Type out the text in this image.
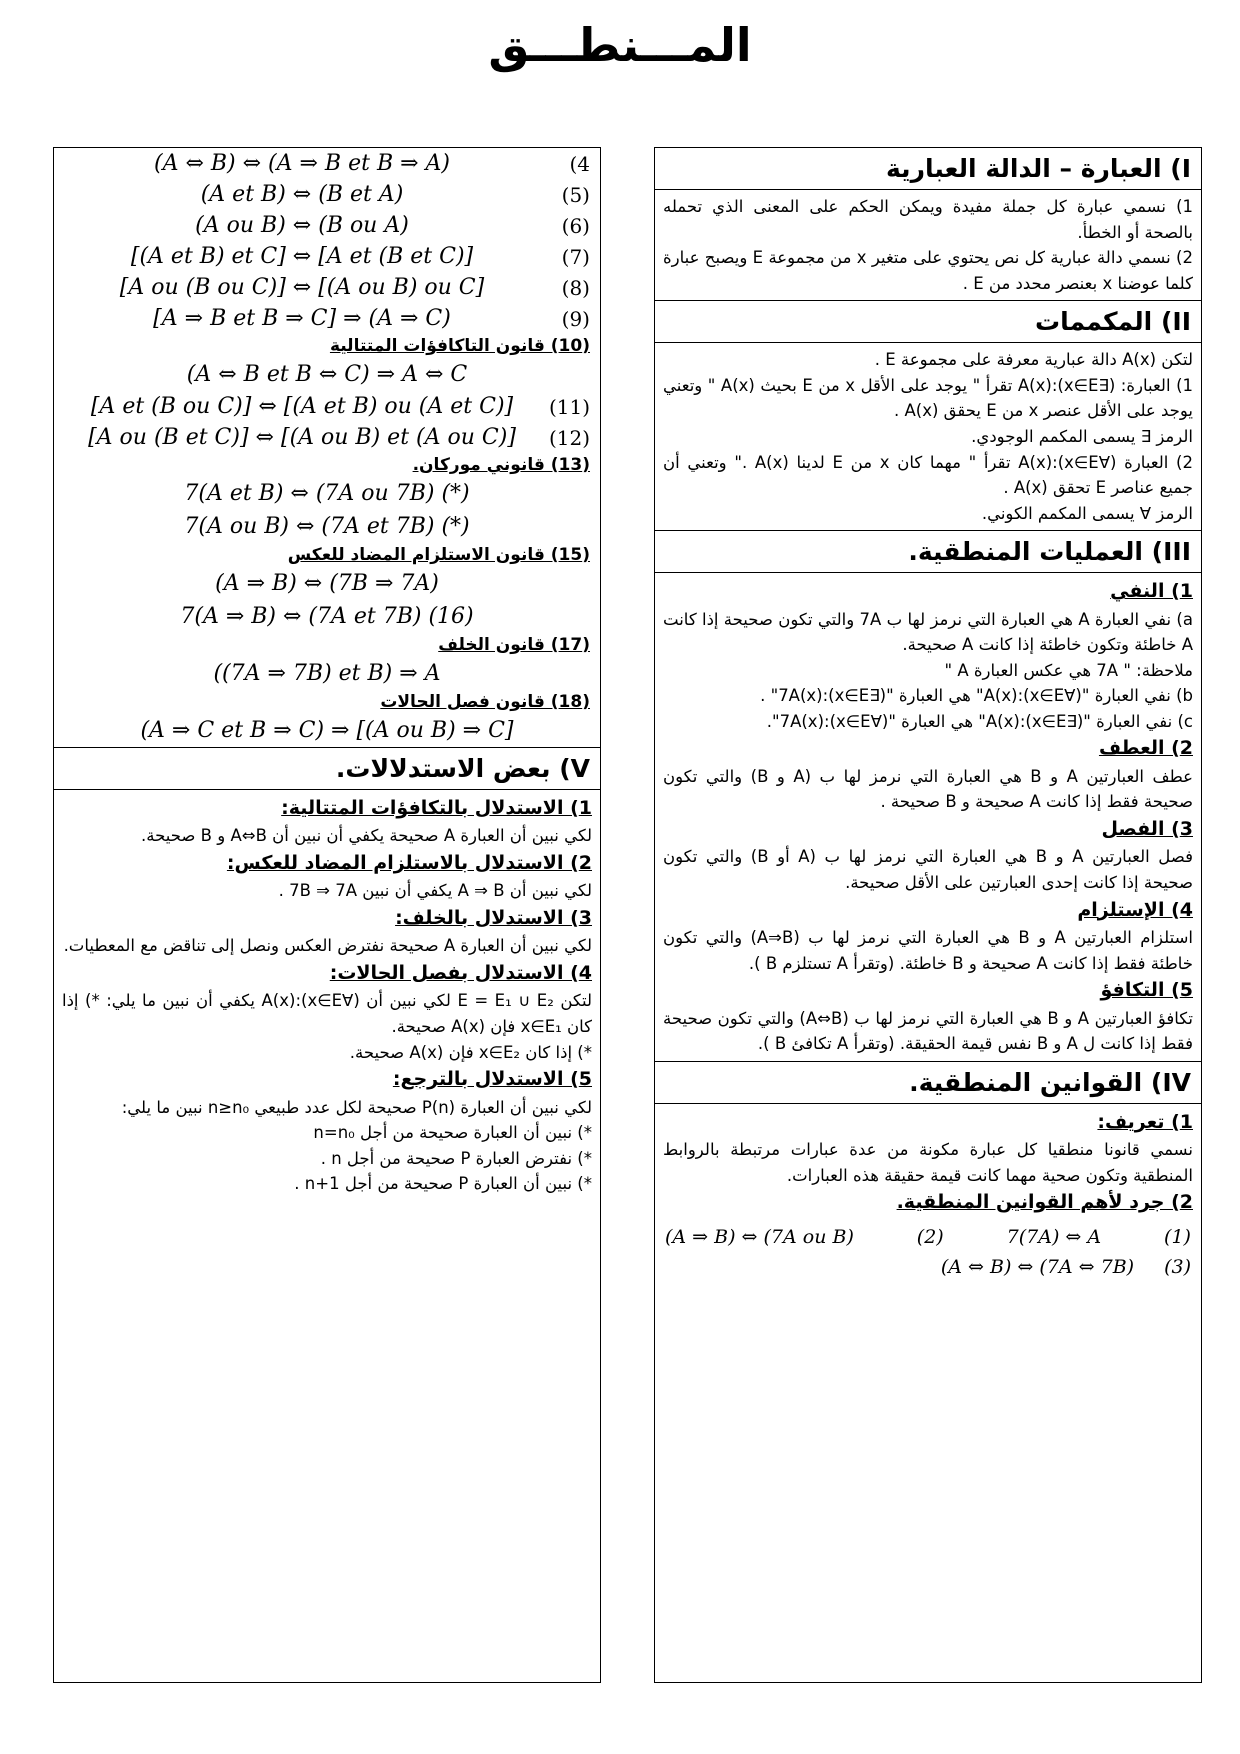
المـــنطـــق
I) العبارة – الدالة العبارية

1) نسمي عبارة كل جملة مفيدة ويمكن الحكم على المعنى الذي تحمله بالصحة أو الخطأ.

2) نسمي دالة عبارية كل نص يحتوي على متغير x من مجموعة E ويصبح عبارة كلما عوضنا x بعنصر محدد من E .

II) المكممات

لتكن A(x) دالة عبارية معرفة على مجموعة E .

1) العبارة: (∃x∈E):A(x) تقرأ " يوجد على الأقل x من E بحيث A(x) " وتعني يوجد على الأقل عنصر x من E يحقق A(x) .

الرمز ∃ يسمى المكمم الوجودي.

2) العبارة (∀x∈E):A(x) تقرأ " مهما كان x من E لدينا A(x) ." وتعني أن جميع عناصر E تحقق A(x) .

الرمز ∀ يسمى المكمم الكوني.

III) العمليات المنطقية.

1) النفي

a) نفي العبارة A هي العبارة التي نرمز لها ب 7A والتي تكون صحيحة إذا كانت A خاطئة وتكون خاطئة إذا كانت A صحيحة.

ملاحظة: " 7A هي عكس العبارة A "

b) نفي العبارة "(∀x∈E):A(x)" هي العبارة "(∃x∈E):7A(x)" .

c) نفي العبارة "(∃x∈E):A(x)" هي العبارة "(∀x∈E):7A(x)".

2) العطف

عطف العبارتين A و B هي العبارة التي نرمز لها ب (A و B) والتي تكون صحيحة فقط إذا كانت A صحيحة و B صحيحة .

3) الفصل

فصل العبارتين A و B هي العبارة التي نرمز لها ب (A أو B) والتي تكون صحيحة إذا كانت إحدى العبارتين على الأقل صحيحة.

4) الإستلزام

استلزام العبارتين A و B هي العبارة التي نرمز لها ب (A⇒B) والتي تكون خاطئة فقط إذا كانت A صحيحة و B خاطئة. (وتقرأ A تستلزم B ).

5) التكافؤ

تكافؤ العبارتين A و B هي العبارة التي نرمز لها ب (A⇔B) والتي تكون صحيحة فقط إذا كانت ل A و B نفس قيمة الحقيقة. (وتقرأ A تكافئ B ).

IV) القوانين المنطقية.

1) تعريف:

نسمي قانونا منطقيا كل عبارة مكونة من عدة عبارات مرتبطة بالروابط المنطقية وتكون صحية مهما كانت قيمة حقيقة هذه العبارات.

2) جرد لأهم القوانين المنطقية.

(A ⇒ B) ⇔ (7A ou B)	(2)	7(7A) ⇔ A	(1)
(A ⇔ B) ⇔ (7A ⇔ 7B) (3)
(A ⇔ B) ⇔ (A ⇒ B et B ⇒ A)	(4
(A et B) ⇔ (B et A)	(5)
(A ou B) ⇔ (B ou A)	(6)
[(A et B) et C] ⇔ [A et (B et C)]	(7)
[A ou (B ou C)] ⇔ [(A ou B) ou C]	(8)
[A ⇒ B et B ⇒ C] ⇒ (A ⇒ C)	(9)
(10) قانون التاكافؤات المتتالية
(A ⇔ B et B ⇔ C) ⇒ A ⇔ C
[A et (B ou C)] ⇔ [(A et B) ou (A et C)]	(11)
[A ou (B et C)] ⇔ [(A ou B) et (A ou C)]	(12)
(13) قانوني موركان.
7(A et B) ⇔ (7A ou 7B) (*)
7(A ou B) ⇔ (7A et 7B) (*)
(15) قانون الاستلزام المضاد للعكس
(A ⇒ B) ⇔ (7B ⇒ 7A)
7(A ⇒ B) ⇔ (7A et 7B) (16)
(17) قانون الخلف
((7A ⇒ 7B) et B) ⇒ A
(18) قانون فصل الحالات
(A ⇒ C et B ⇒ C) ⇒ [(A ou B) ⇒ C]
V) بعض الاستدلالات.

1) الاستدلال بالتكافؤات المتتالية:

لكي نبين أن العبارة A صحيحة يكفي أن نبين أن A⇔B و B صحيحة.

2) الاستدلال بالاستلزام المضاد للعكس:

لكي نبين أن A ⇒ B يكفي أن نبين 7B ⇒ 7A .

3) الاستدلال بالخلف:

لكي نبين أن العبارة A صحيحة نفترض العكس ونصل إلى تناقض مع المعطيات.

4) الاستدلال بفصل الحالات:

لتكن E = E₁ ∪ E₂ لكي نبين أن (∀x∈E):A(x) يكفي أن نبين ما يلي: *) إذا كان x∈E₁ فإن A(x) صحيحة.

*) إذا كان x∈E₂ فإن A(x) صحيحة.

5) الاستدلال بالترجع:

لكي نبين أن العبارة P(n) صحيحة لكل عدد طبيعي n≥n₀ نبين ما يلي:

*) نبين أن العبارة صحيحة من أجل n=n₀

*) نفترض العبارة P صحيحة من أجل n .

*) نبين أن العبارة P صحيحة من أجل n+1 .
